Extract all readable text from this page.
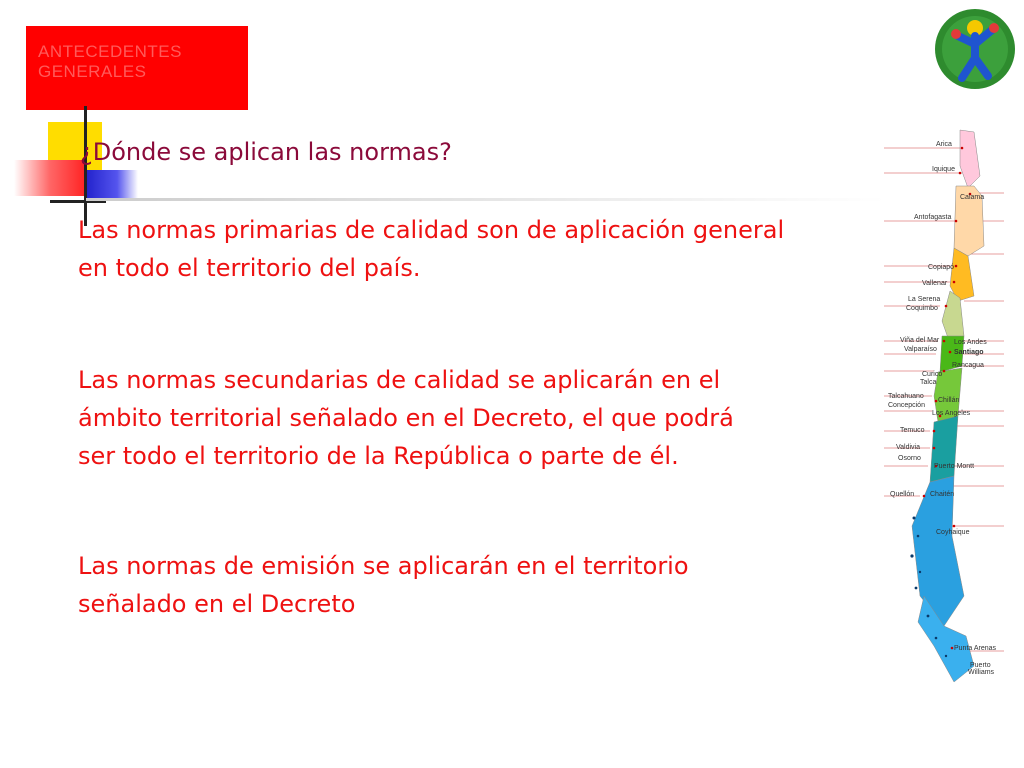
ANTECEDENTES
GENERALES
¿Dónde se aplican las normas?
Las normas primarias de calidad son de aplicación general
en todo el territorio del país.
Las normas secundarias de calidad se aplicarán en el
ámbito territorial señalado en el Decreto, el que podrá
ser todo el territorio de la República o parte de él.
Las normas de emisión se aplicarán en el territorio
señalado en el Decreto
Arica
Iquique
Calama
Antofagasta
Copiapó
Vallenar
La Serena
Coquimbo
Viña del Mar
Valparaíso
Los Andes
Santiago
Rancagua
Curicó
Talca
Talcahuano
Concepción
Chillán
Los Angeles
Temuco
Valdivia
Osorno
Puerto Montt
Quellón Chaitén
Coyhaique
Punta Arenas
Puerto
Williams
